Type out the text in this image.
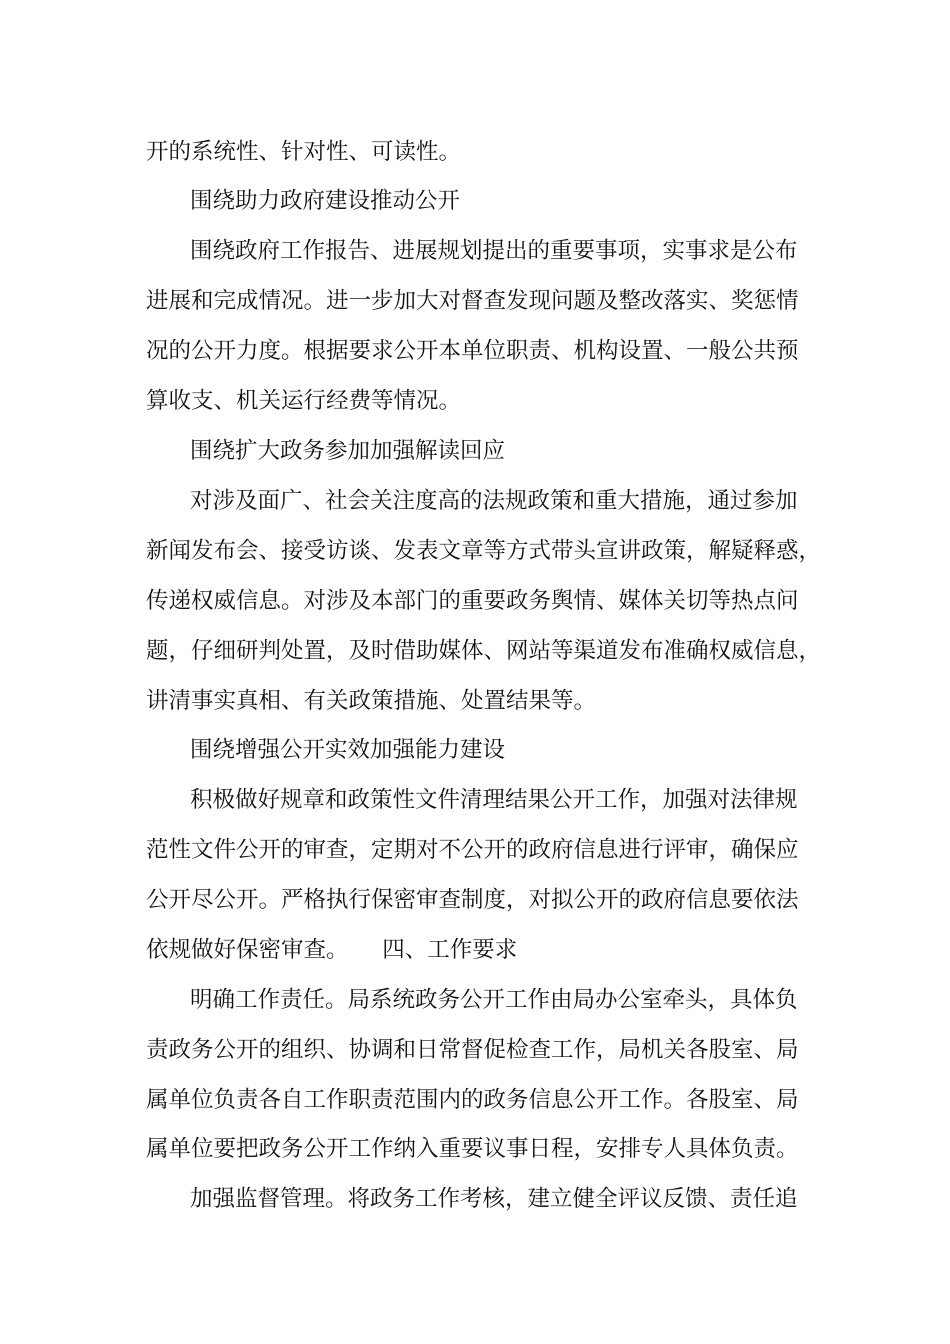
开的系统性、针对性、可读性。

围绕助力政府建设推动公开

围绕政府工作报告、进展规划提出的重要事项，实事求是公布

进展和完成情况。进一步加大对督查发现问题及整改落实、奖惩情

况的公开力度。根据要求公开本单位职责、机构设置、一般公共预

算收支、机关运行经费等情况。

围绕扩大政务参加加强解读回应

对涉及面广、社会关注度高的法规政策和重大措施，通过参加

新闻发布会、接受访谈、发表文章等方式带头宣讲政策，解疑释惑，

传递权威信息。对涉及本部门的重要政务舆情、媒体关切等热点问

题，仔细研判处置，及时借助媒体、网站等渠道发布准确权威信息，

讲清事实真相、有关政策措施、处置结果等。

围绕增强公开实效加强能力建设

积极做好规章和政策性文件清理结果公开工作，加强对法律规

范性文件公开的审查，定期对不公开的政府信息进行评审，确保应

公开尽公开。严格执行保密审查制度，对拟公开的政府信息要依法

依规做好保密审查。　　四、工作要求

明确工作责任。局系统政务公开工作由局办公室牵头，具体负

责政务公开的组织、协调和日常督促检查工作，局机关各股室、局

属单位负责各自工作职责范围内的政务信息公开工作。各股室、局

属单位要把政务公开工作纳入重要议事日程，安排专人具体负责。

加强监督管理。将政务工作考核，建立健全评议反馈、责任追
